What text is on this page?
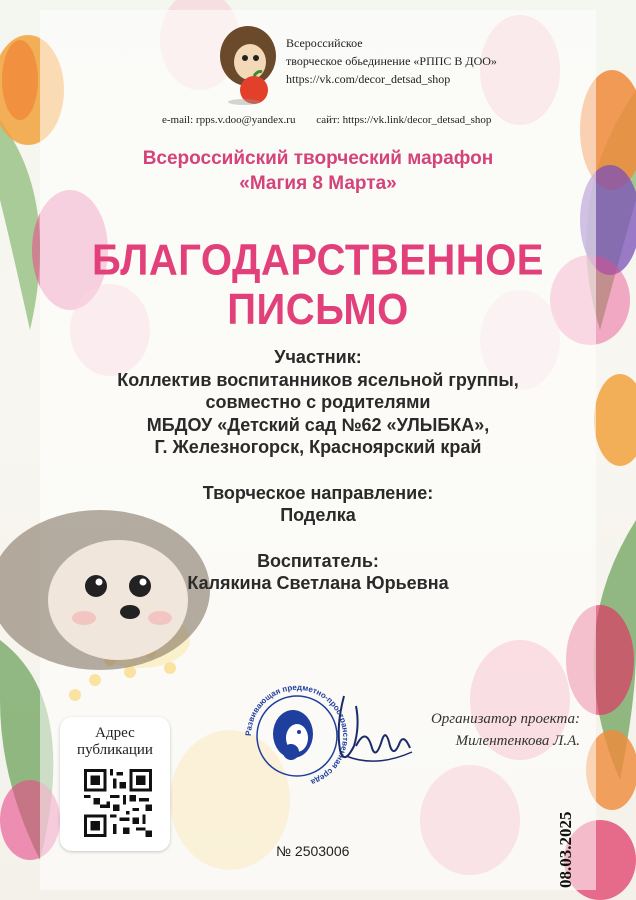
Всероссийское
творческое обьединение «РППС В ДОО»
https://vk.com/decor_detsad_shop
e-mail: rpps.v.doo@yandex.ru сайт: https://vk.link/decor_detsad_shop
Всероссийский творческий марафон
«Магия 8 Марта»
БЛАГОДАРСТВЕННОЕ ПИСЬМО
Участник:
Коллектив воспитанников ясельной группы,
совместно с родителями
МБДОУ «Детский сад №62 «УЛЫБКА»,
Г. Железногорск, Красноярский край
Творческое направление:
Поделка
Воспитатель:
Калякина Светлана Юрьевна
Адрес
публикации
Развивающая предметно-пространственная среда
Организатор проекта:
Милентенкова Л.А.
№ 2503006	08.03.2025
